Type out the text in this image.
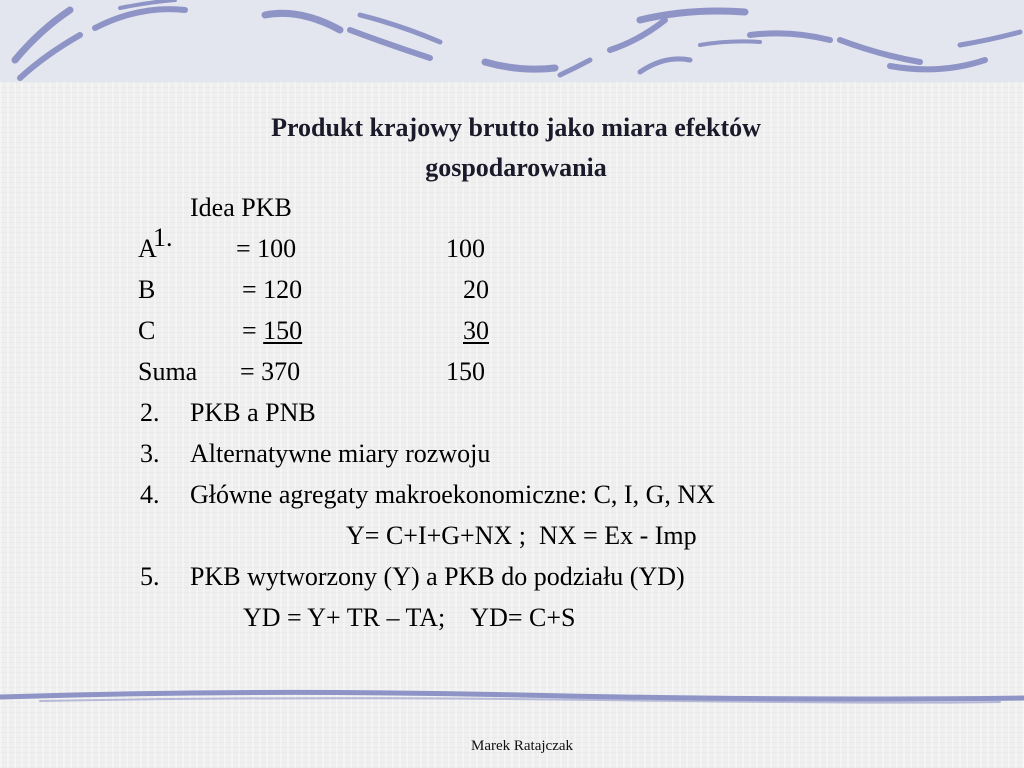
Produkt krajowy brutto jako miara efektów
gospodarowania

1.

Idea PKB
A	= 100	100
B	= 120	20
C	= 150	30
Suma = 370	150
2. PKB a PNB
3. Alternatywne miary rozwoju
4. Główne agregaty makroekonomiczne: C, I, G, NX
Y= C+I+G+NX ;  NX = Ex - Imp
5. PKB wytworzony (Y) a PKB do podziału (YD)
YD = Y+ TR – TA;    YD= C+S
Marek Ratajczak
